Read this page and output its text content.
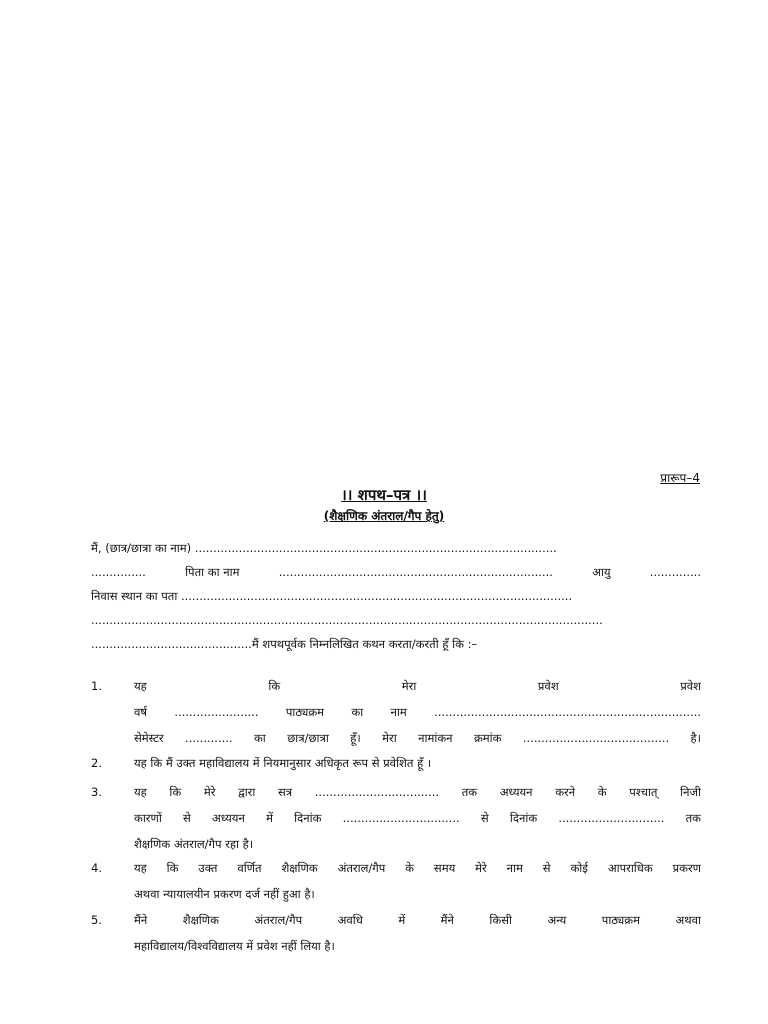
प्रारूप–4
।। शपथ–पत्र ।।
(शैक्षणिक अंतराल/गैप हेतु)
मैं, (छात्र/छात्रा का नाम) ...................................................................................................
...............	पिता का नाम	...........................................................................	आयु	..............
निवास स्थान का पता ...........................................................................................................
............................................................................................................................................
............................................मैं शपथपूर्वक निम्नलिखित कथन करता/करती हूँ कि :–
1.	यह कि मेरा प्रवेश प्रवेश
वर्ष ....................... पाठ्यक्रम का नाम .........................................................................
सेमेस्टर ............. का छात्र/छात्रा हूँ। मेरा नामांकन क्रमांक ........................................ है।
2.	यह कि मैं उक्त महाविद्यालय में नियमानुसार अधिकृत रूप से प्रवेशित हूँ ।
3.	यह कि मेरे द्वारा सत्र .................................. तक अध्ययन करने के पश्चात् निजी
कारणों से अध्ययन में दिनांक ................................ से दिनांक ............................. तक
शैक्षणिक अंतराल/गैप रहा है।
4.	यह कि उक्त वर्णित शैक्षणिक अंतराल/गैप के समय मेरे नाम से कोई आपराधिक प्रकरण
अथवा न्यायालयीन प्रकरण दर्ज नहीं हुआ है।
5.	मैंने शैक्षणिक अंतराल/गैप अवधि में मैंने किसी अन्य पाठ्यक्रम अथवा
महाविद्यालय/विश्वविद्यालय में प्रवेश नहीं लिया है।
